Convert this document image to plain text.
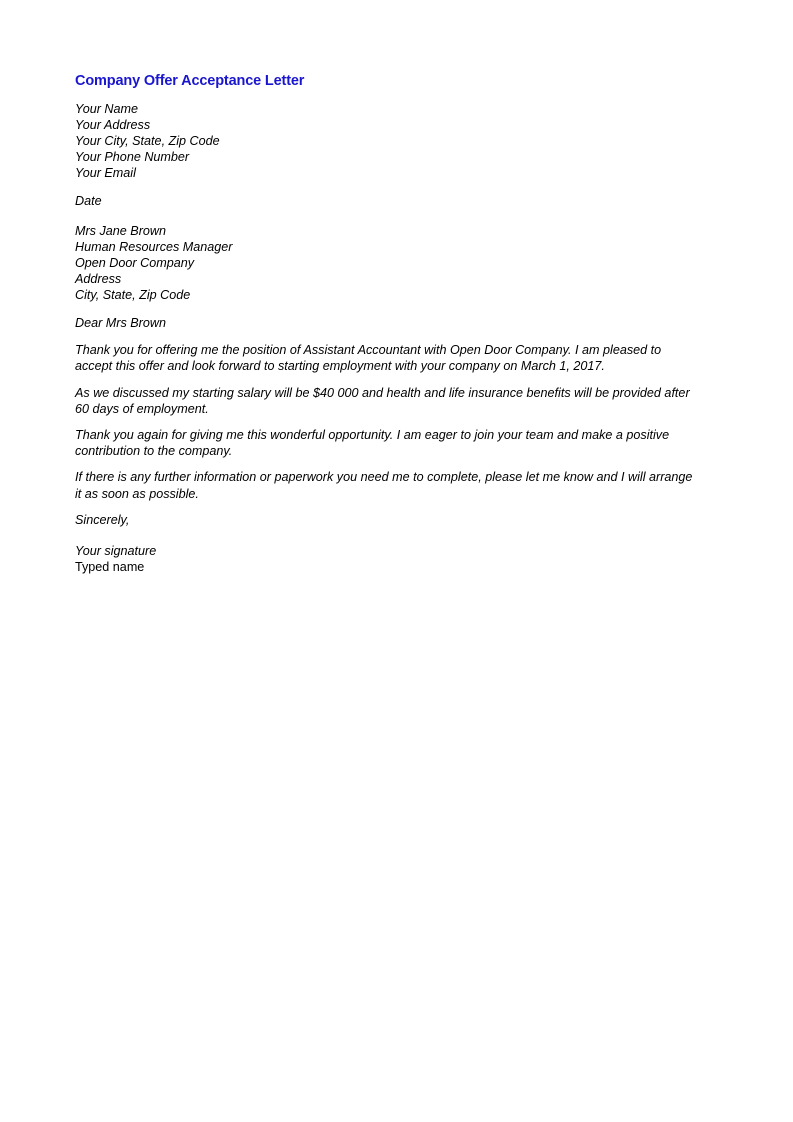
Company Offer Acceptance Letter
Your Name
Your Address
Your City, State, Zip Code
Your Phone Number
Your Email
Date
Mrs Jane Brown
Human Resources Manager
Open Door Company
Address
City, State, Zip Code

Dear Mrs Brown

Thank you for offering me the position of Assistant Accountant with Open Door Company. I am pleased to accept this offer and look forward to starting employment with your company on March 1, 2017.

As we discussed my starting salary will be $40 000 and health and life insurance benefits will be provided after 60 days of employment.

Thank you again for giving me this wonderful opportunity. I am eager to join your team and make a positive contribution to the company.

If there is any further information or paperwork you need me to complete, please let me know and I will arrange it as soon as possible.

Sincerely,

Your signature
Typed name
